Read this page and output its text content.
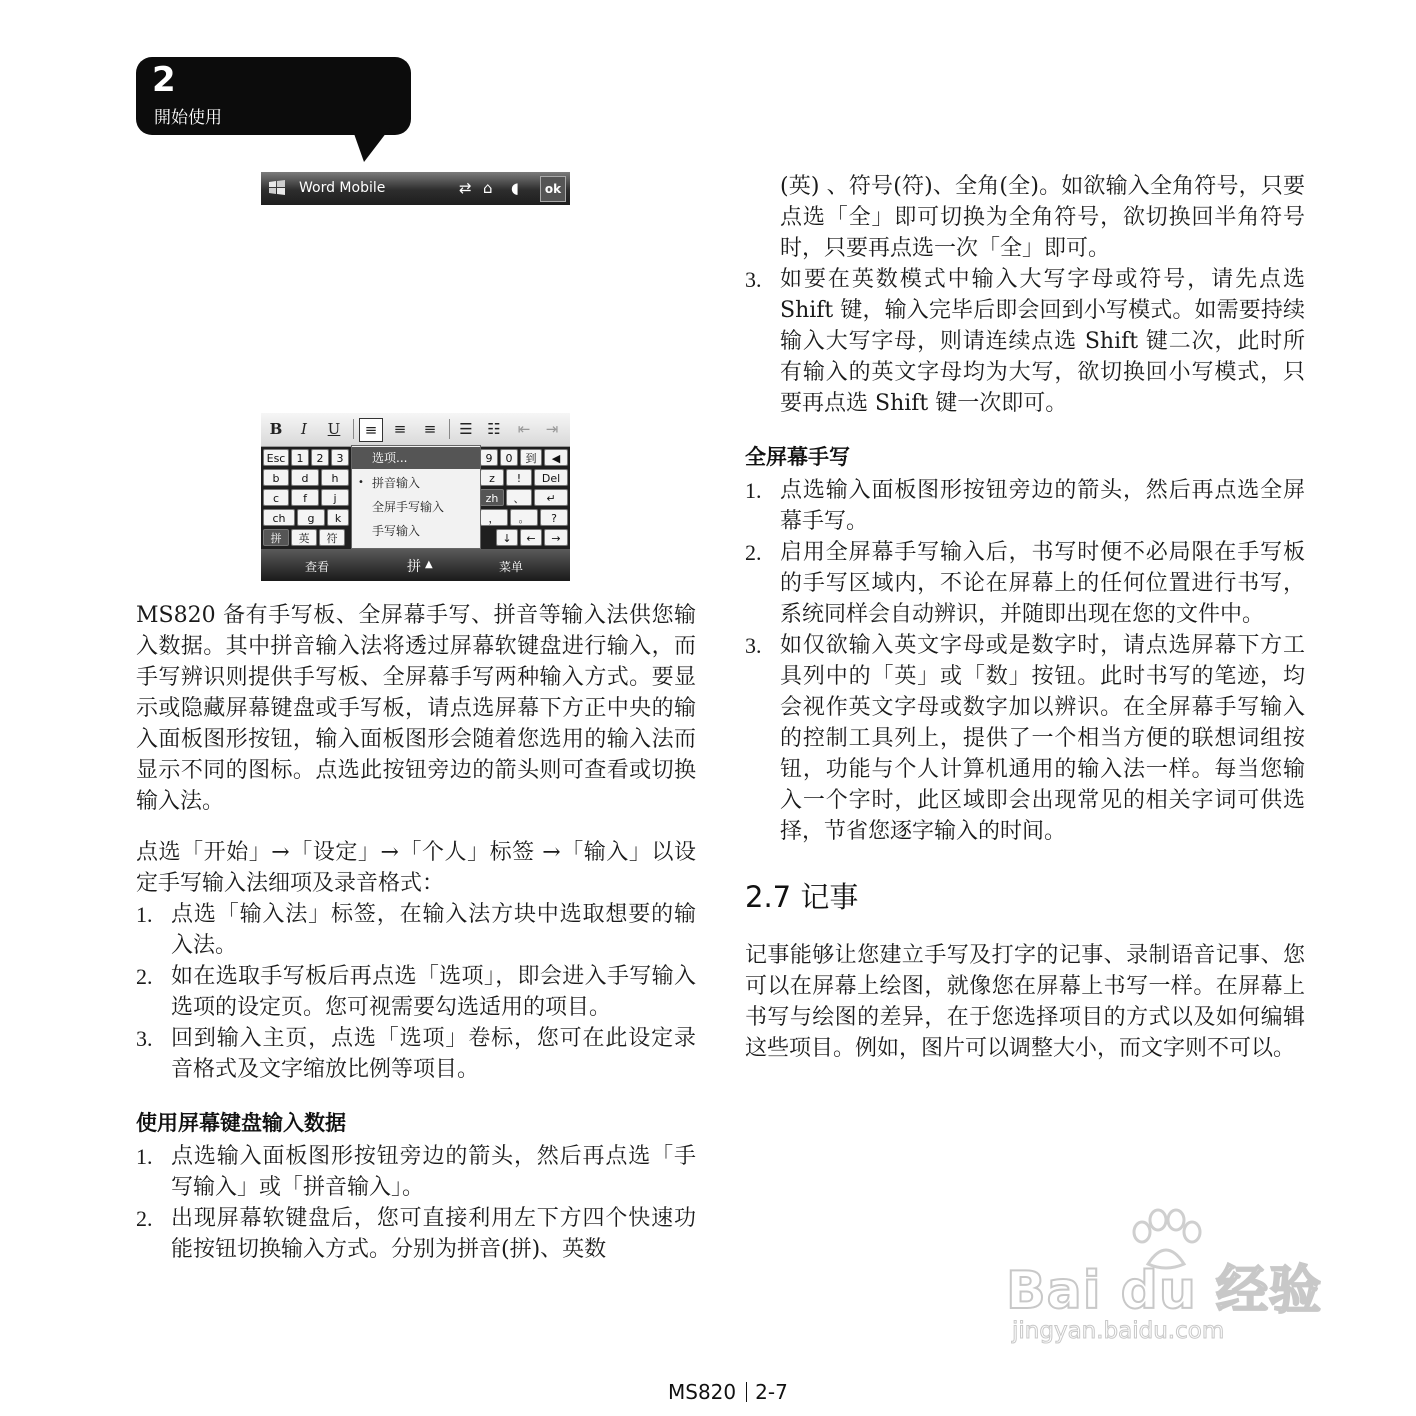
2
開始使用
Word Mobile	⇄ ⌂ ◖	ok
B	I	U	≡	≡	≡	☰ ☷	⇤	⇥
Esc	1	2	3	9	0	到	◀
b	d	h	z	!	Del
c	f	j	zh	、	↵
ch	g	k	，	。	?
拼	英	符	↓	←	→
选项...
• 拼音输入
全屏手写输入
手写输入
查看	拼 ▲	菜单

MS820 备有手写板、全屏幕手写、拼音等输入法供您输入数据。其中拼音输入法将透过屏幕软键盘进行输入，而手写辨识则提供手写板、全屏幕手写两种输入方式。要显示或隐藏屏幕键盘或手写板，请点选屏幕下方正中央的输入面板图形按钮，输入面板图形会随着您选用的输入法而显示不同的图标。点选此按钮旁边的箭头则可查看或切换输入法。

点选「开始」→「设定」→「个人」标签 →「输入」以设定手写输入法细项及录音格式：

1. 点选「输入法」标签，在输入法方块中选取想要的输入法。
2. 如在选取手写板后再点选「选项」，即会进入手写输入选项的设定页。您可视需要勾选适用的项目。
3. 回到输入主页，点选「选项」卷标，您可在此设定录音格式及文字缩放比例等项目。

使用屏幕键盘输入数据

1. 点选输入面板图形按钮旁边的箭头，然后再点选「手写输入」或「拼音输入」。
2. 出现屏幕软键盘后，您可直接利用左下方四个快速功能按钮切换输入方式。分别为拼音(拼)、英数

(英) 、符号(符)、全角(全)。如欲输入全角符号，只要点选「全」即可切换为全角符号，欲切换回半角符号时，只要再点选一次「全」即可。

3. 如要在英数模式中输入大写字母或符号，请先点选 Shift 键，输入完毕后即会回到小写模式。如需要持续输入大写字母，则请连续点选 Shift 键二次，此时所有输入的英文字母均为大写，欲切换回小写模式，只要再点选 Shift 键一次即可。

全屏幕手写

1. 点选输入面板图形按钮旁边的箭头，然后再点选全屏幕手写。
2. 启用全屏幕手写输入后，书写时便不必局限在手写板的手写区域内，不论在屏幕上的任何位置进行书写，系统同样会自动辨识，并随即出现在您的文件中。
3. 如仅欲输入英文字母或是数字时，请点选屏幕下方工具列中的「英」或「数」按钮。此时书写的笔迹，均会视作英文字母或数字加以辨识。在全屏幕手写输入的控制工具列上，提供了一个相当方便的联想词组按钮，功能与个人计算机通用的输入法一样。每当您输入一个字时，此区域即会出现常见的相关字词可供选择，节省您逐字输入的时间。

2.7 记事

记事能够让您建立手写及打字的记事、录制语音记事、您可以在屏幕上绘图，就像您在屏幕上书写一样。在屏幕上书写与绘图的差异，在于您选择项目的方式以及如何编辑这些项目。例如，图片可以调整大小，而文字则不可以。

Bai du 经验
jingyan.baidu.com
MS820 2-7
